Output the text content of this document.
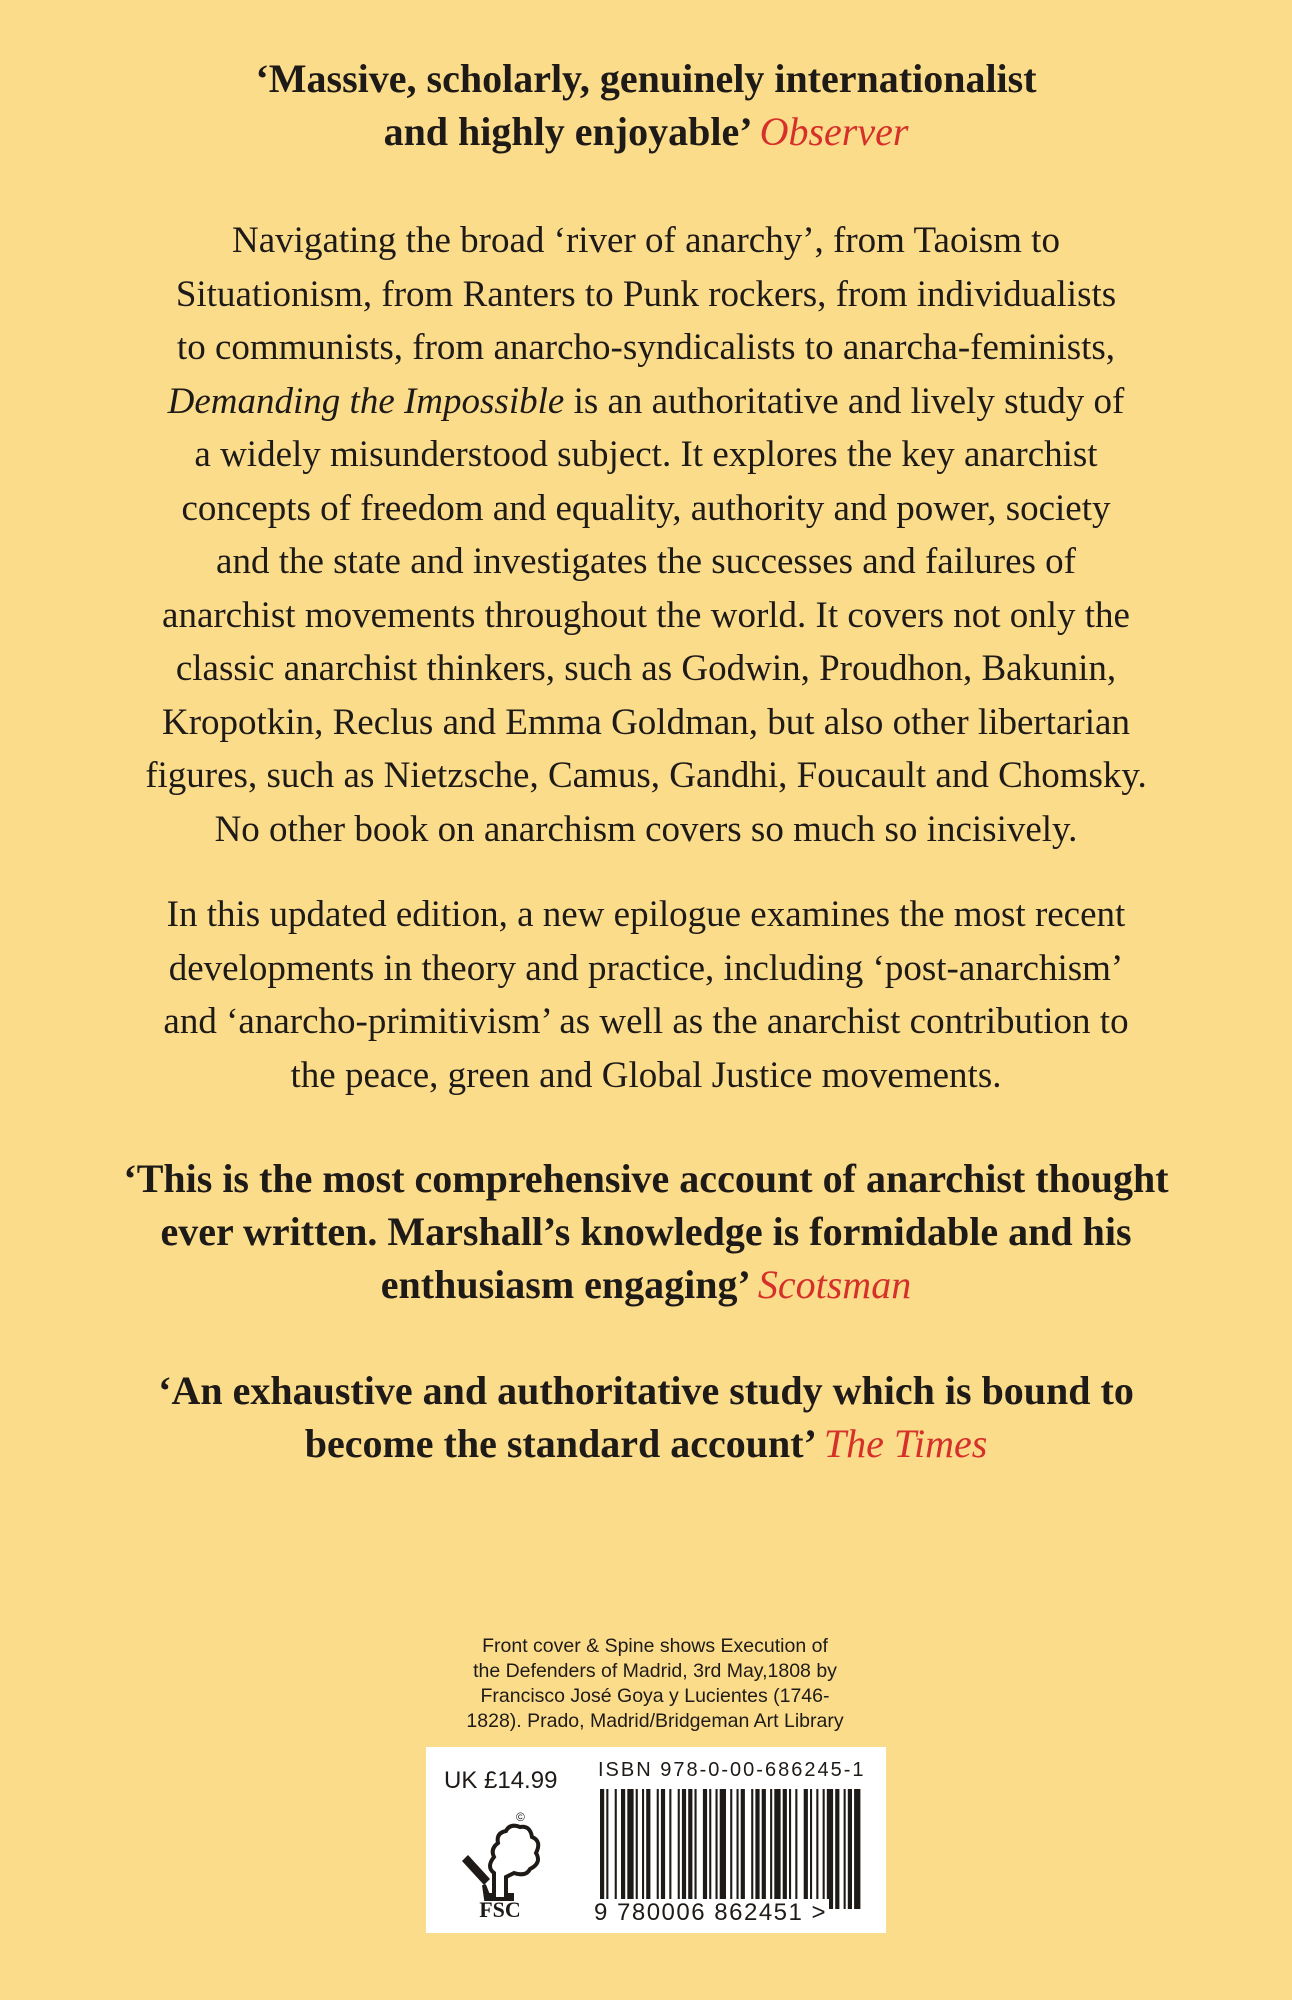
‘Massive, scholarly, genuinely internationalist
and highly enjoyable’ Observer
Navigating the broad ‘river of anarchy’, from Taoism to
Situationism, from Ranters to Punk rockers, from individualists
to communists, from anarcho-syndicalists to anarcha-feminists,
Demanding the Impossible is an authoritative and lively study of
a widely misunderstood subject. It explores the key anarchist
concepts of freedom and equality, authority and power, society
and the state and investigates the successes and failures of
anarchist movements throughout the world. It covers not only the
classic anarchist thinkers, such as Godwin, Proudhon, Bakunin,
Kropotkin, Reclus and Emma Goldman, but also other libertarian
figures, such as Nietzsche, Camus, Gandhi, Foucault and Chomsky.
No other book on anarchism covers so much so incisively.
In this updated edition, a new epilogue examines the most recent
developments in theory and practice, including ‘post-anarchism’
and ‘anarcho-primitivism’ as well as the anarchist contribution to
the peace, green and Global Justice movements.
‘This is the most comprehensive account of anarchist thought
ever written. Marshall’s knowledge is formidable and his
enthusiasm engaging’ Scotsman
‘An exhaustive and authoritative study which is bound to
become the standard account’ The Times
Front cover & Spine shows Execution of
the Defenders of Madrid, 3rd May,1808 by
Francisco José Goya y Lucientes (1746-
1828). Prado, Madrid/Bridgeman Art Library
UK £14.99 ISBN 978-0-00-686245-1
©
FSC	9 780006 862451 >
